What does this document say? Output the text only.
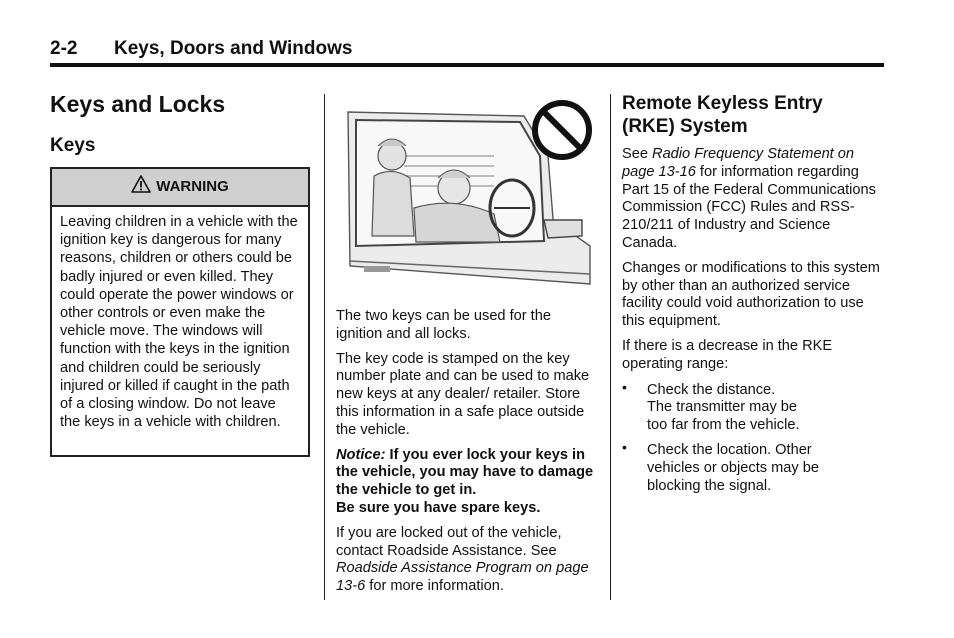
2-2 Keys, Doors and Windows
Keys and Locks
Keys
WARNING
Leaving children in a vehicle with the ignition key is dangerous for many reasons, children or others could be badly injured or even killed. They could operate the power windows or other controls or even make the vehicle move. The windows will function with the keys in the ignition and children could be seriously injured or killed if caught in the path of a closing window. Do not leave the keys in a vehicle with children.

The two keys can be used for the ignition and all locks.

The key code is stamped on the key number plate and can be used to make new keys at any dealer/ retailer. Store this information in a safe place outside the vehicle.

Notice: If you ever lock your keys in the vehicle, you may have to damage the vehicle to get in.
Be sure you have spare keys.

If you are locked out of the vehicle, contact Roadside Assistance. See Roadside Assistance Program on page 13-6 for more information.

Remote Keyless Entry
(RKE) System

See Radio Frequency Statement on page 13-16 for information regarding Part 15 of the Federal Communications Commission (FCC) Rules and RSS-210/211 of Industry and Science Canada.

Changes or modifications to this system by other than an authorized service facility could void authorization to use this equipment.

If there is a decrease in the RKE operating range:

• Check the distance.
The transmitter may be
too far from the vehicle.
• Check the location. Other
vehicles or objects may be
blocking the signal.
